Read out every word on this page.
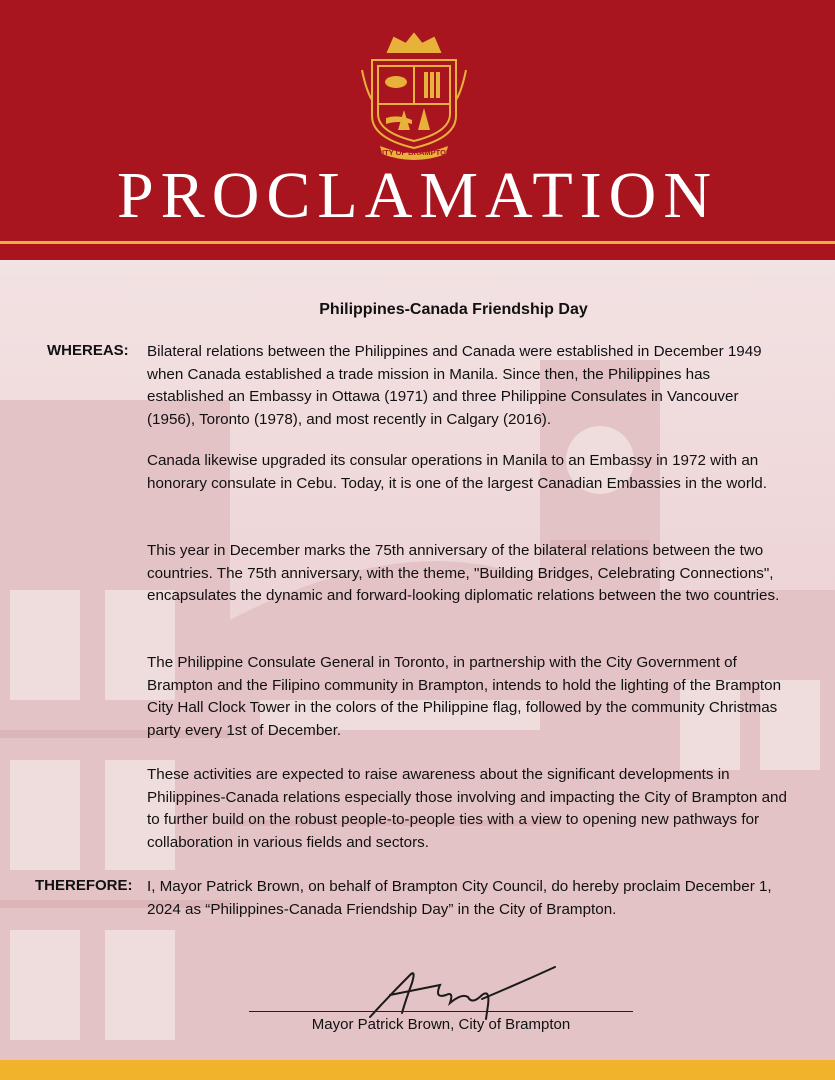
CITY OF BRAMPTON
PROCLAMATION
Philippines-Canada Friendship Day
WHEREAS: Bilateral relations between the Philippines and Canada were established in December 1949 when Canada established a trade mission in Manila. Since then, the Philippines has established an Embassy in Ottawa (1971) and three Philippine Consulates in Vancouver (1956), Toronto (1978), and most recently in Calgary (2016).
Canada likewise upgraded its consular operations in Manila to an Embassy in 1972 with an honorary consulate in Cebu. Today, it is one of the largest Canadian Embassies in the world.
This year in December marks the 75th anniversary of the bilateral relations between the two countries. The 75th anniversary, with the theme, "Building Bridges, Celebrating Connections", encapsulates the dynamic and forward-looking diplomatic relations between the two countries.
The Philippine Consulate General in Toronto, in partnership with the City Government of Brampton and the Filipino community in Brampton, intends to hold the lighting of the Brampton City Hall Clock Tower in the colors of the Philippine flag, followed by the community Christmas party every 1st of December.
These activities are expected to raise awareness about the significant developments in Philippines-Canada relations especially those involving and impacting the City of Brampton and to further build on the robust people-to-people ties with a view to opening new pathways for collaboration in various fields and sectors.
THEREFORE: I, Mayor Patrick Brown, on behalf of Brampton City Council, do hereby proclaim December 1, 2024 as “Philippines-Canada Friendship Day” in the City of Brampton.
Mayor Patrick Brown, City of Brampton
